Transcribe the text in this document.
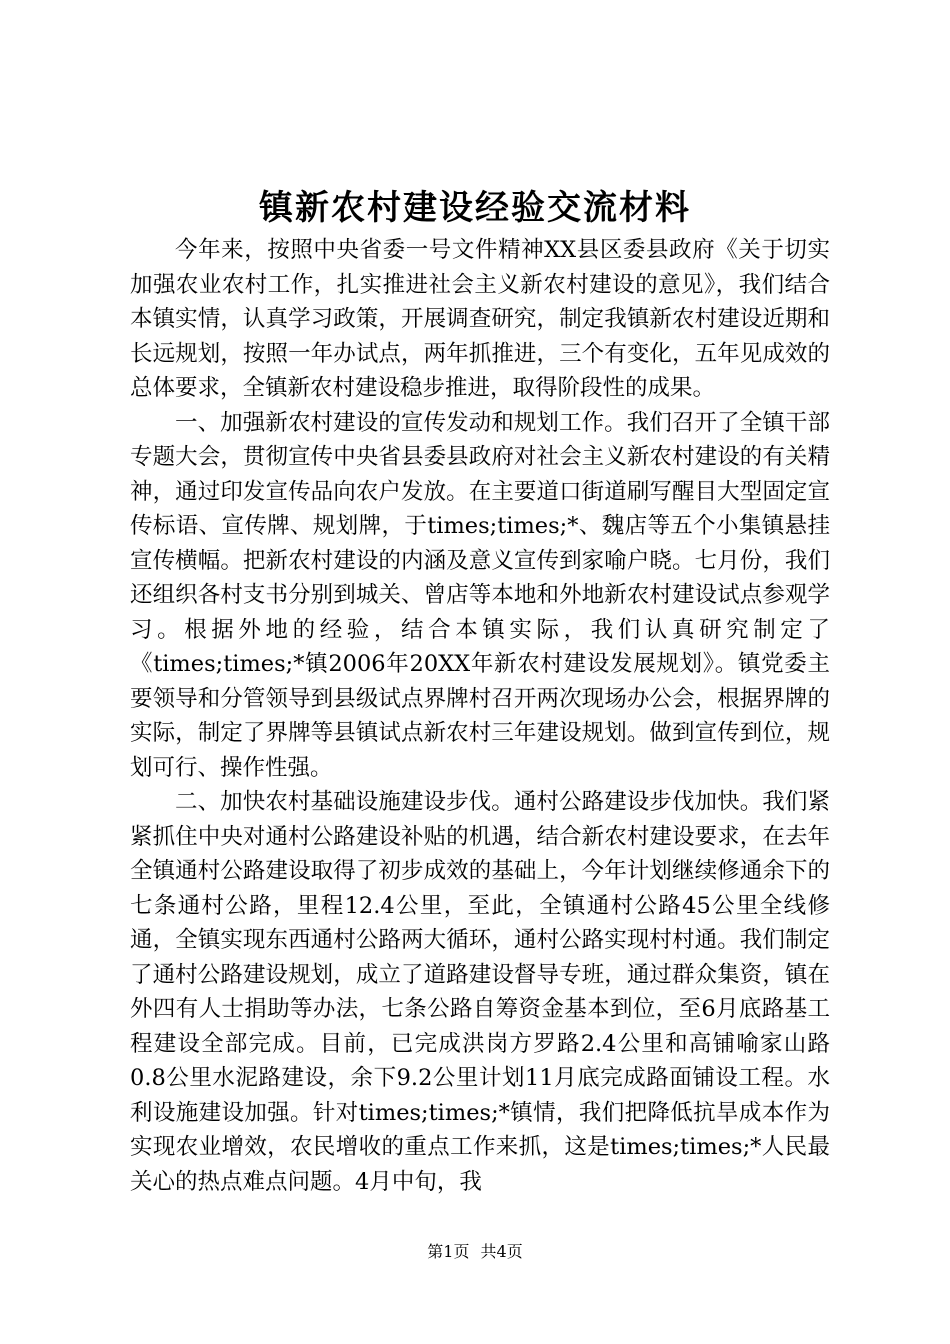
镇新农村建设经验交流材料

今年来，按照中央省委一号文件精神XX县区委县政府《关于切实加强农业农村工作，扎实推进社会主义新农村建设的意见》，我们结合本镇实情，认真学习政策，开展调查研究，制定我镇新农村建设近期和长远规划，按照一年办试点，两年抓推进，三个有变化，五年见成效的总体要求，全镇新农村建设稳步推进，取得阶段性的成果。

一、加强新农村建设的宣传发动和规划工作。我们召开了全镇干部专题大会，贯彻宣传中央省县委县政府对社会主义新农村建设的有关精神，通过印发宣传品向农户发放。在主要道口街道刷写醒目大型固定宣传标语、宣传牌、规划牌，于times;times;*、魏店等五个小集镇悬挂宣传横幅。把新农村建设的内涵及意义宣传到家喻户晓。七月份，我们还组织各村支书分别到城关、曾店等本地和外地新农村建设试点参观学习。根据外地的经验，结合本镇实际，我们认真研究制定了《times;times;*镇2006年20XX年新农村建设发展规划》。镇党委主要领导和分管领导到县级试点界牌村召开两次现场办公会，根据界牌的实际，制定了界牌等县镇试点新农村三年建设规划。做到宣传到位，规划可行、操作性强。

二、加快农村基础设施建设步伐。通村公路建设步伐加快。我们紧紧抓住中央对通村公路建设补贴的机遇，结合新农村建设要求，在去年全镇通村公路建设取得了初步成效的基础上，今年计划继续修通余下的七条通村公路，里程12.4公里，至此，全镇通村公路45公里全线修通，全镇实现东西通村公路两大循环，通村公路实现村村通。我们制定了通村公路建设规划，成立了道路建设督导专班，通过群众集资，镇在外四有人士捐助等办法，七条公路自筹资金基本到位，至6月底路基工程建设全部完成。目前，已完成洪岗方罗路2.4公里和高铺喻家山路0.8公里水泥路建设，余下9.2公里计划11月底完成路面铺设工程。水利设施建设加强。针对times;times;*镇情，我们把降低抗旱成本作为实现农业增效，农民增收的重点工作来抓，这是times;times;*人民最关心的热点难点问题。4月中旬，我

第1页 共4页
